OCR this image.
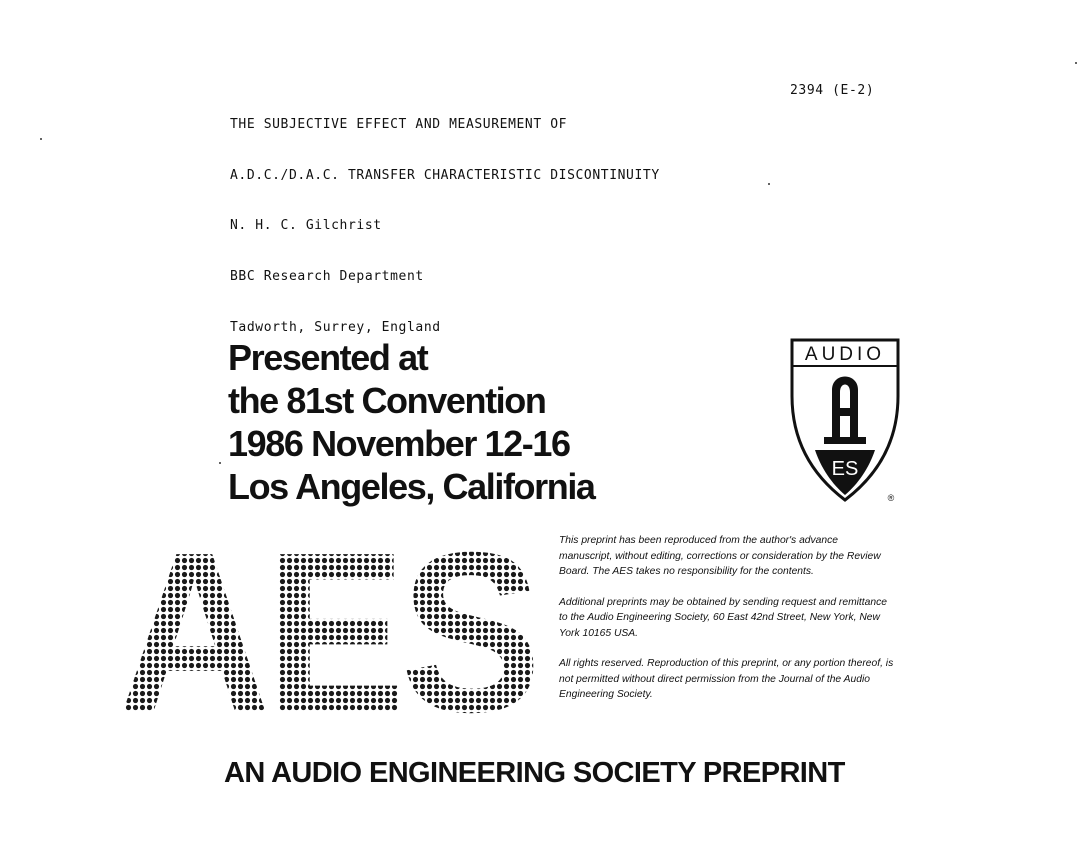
THE SUBJECTIVE EFFECT AND MEASUREMENT OF

A.D.C./D.A.C. TRANSFER CHARACTERISTIC DISCONTINUITY

2394 (E-2)

N. H. C. Gilchrist

BBC Research Department

Tadworth, Surrey, England

Presented at
the 81st Convention
1986 November 12-16
Los Angeles, California
AUDIO
ES
®
AES This preprint has been reproduced from the author's advance manuscript, without editing, corrections or consideration by the Review Board. The AES takes no responsibility for the contents.

Additional preprints may be obtained by sending request and remittance to the Audio Engineering Society, 60 East 42nd Street, New York, New York 10165 USA.

All rights reserved. Reproduction of this preprint, or any portion thereof, is not permitted without direct permission from the Journal of the Audio Engineering Society.

AN AUDIO ENGINEERING SOCIETY PREPRINT
